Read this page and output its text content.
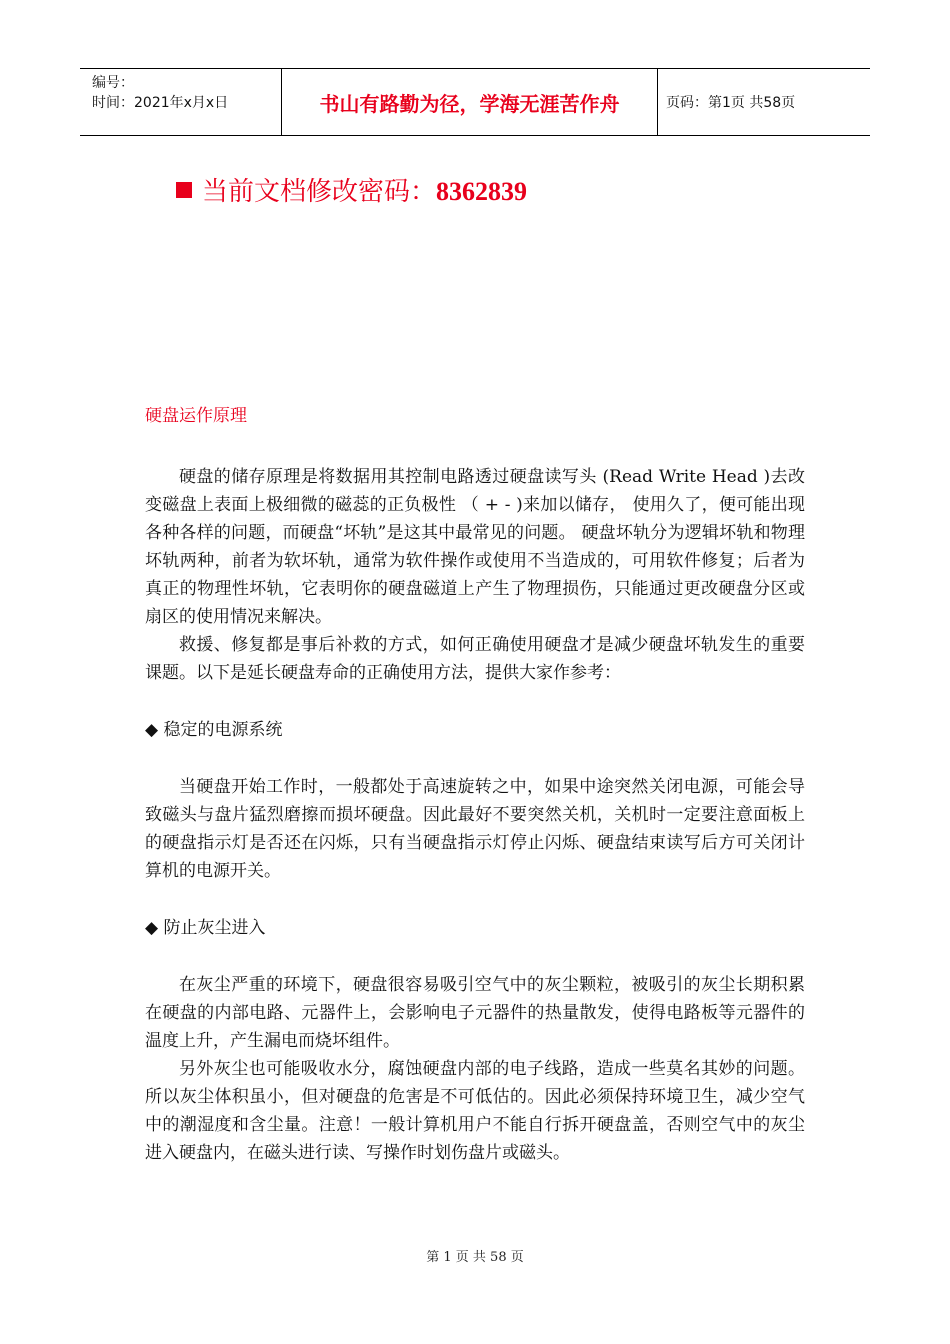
编号：
时间：2021年x月x日	书山有路勤为径，学海无涯苦作舟	页码：第1页 共58页
当前文档修改密码：8362839
硬盘运作原理

硬盘的储存原理是将数据用其控制电路透过硬盘读写头 (Read Write Head )去改变磁盘上表面上极细微的磁蕊的正负极性 （ + - )来加以储存， 使用久了，便可能出现各种各样的问题，而硬盘“坏轨”是这其中最常见的问题。 硬盘坏轨分为逻辑坏轨和物理坏轨两种，前者为软坏轨，通常为软件操作或使用不当造成的，可用软件修复；后者为真正的物理性坏轨，它表明你的硬盘磁道上产生了物理损伤，只能通过更改硬盘分区或扇区的使用情况来解决。

救援、修复都是事后补救的方式，如何正确使用硬盘才是减少硬盘坏轨发生的重要课题。以下是延长硬盘寿命的正确使用方法，提供大家作参考：

◆ 稳定的电源系统

当硬盘开始工作时，一般都处于高速旋转之中，如果中途突然关闭电源，可能会导致磁头与盘片猛烈磨擦而损坏硬盘。因此最好不要突然关机，关机时一定要注意面板上的硬盘指示灯是否还在闪烁，只有当硬盘指示灯停止闪烁、硬盘结束读写后方可关闭计算机的电源开关。

◆ 防止灰尘进入

在灰尘严重的环境下，硬盘很容易吸引空气中的灰尘颗粒，被吸引的灰尘长期积累在硬盘的内部电路、元器件上，会影响电子元器件的热量散发，使得电路板等元器件的温度上升，产生漏电而烧坏组件。

另外灰尘也可能吸收水分，腐蚀硬盘内部的电子线路，造成一些莫名其妙的问题。所以灰尘体积虽小，但对硬盘的危害是不可低估的。因此必须保持环境卫生，减少空气中的潮湿度和含尘量。注意！一般计算机用户不能自行拆开硬盘盖，否则空气中的灰尘进入硬盘内，在磁头进行读、写操作时划伤盘片或磁头。

第 1 页 共 58 页
